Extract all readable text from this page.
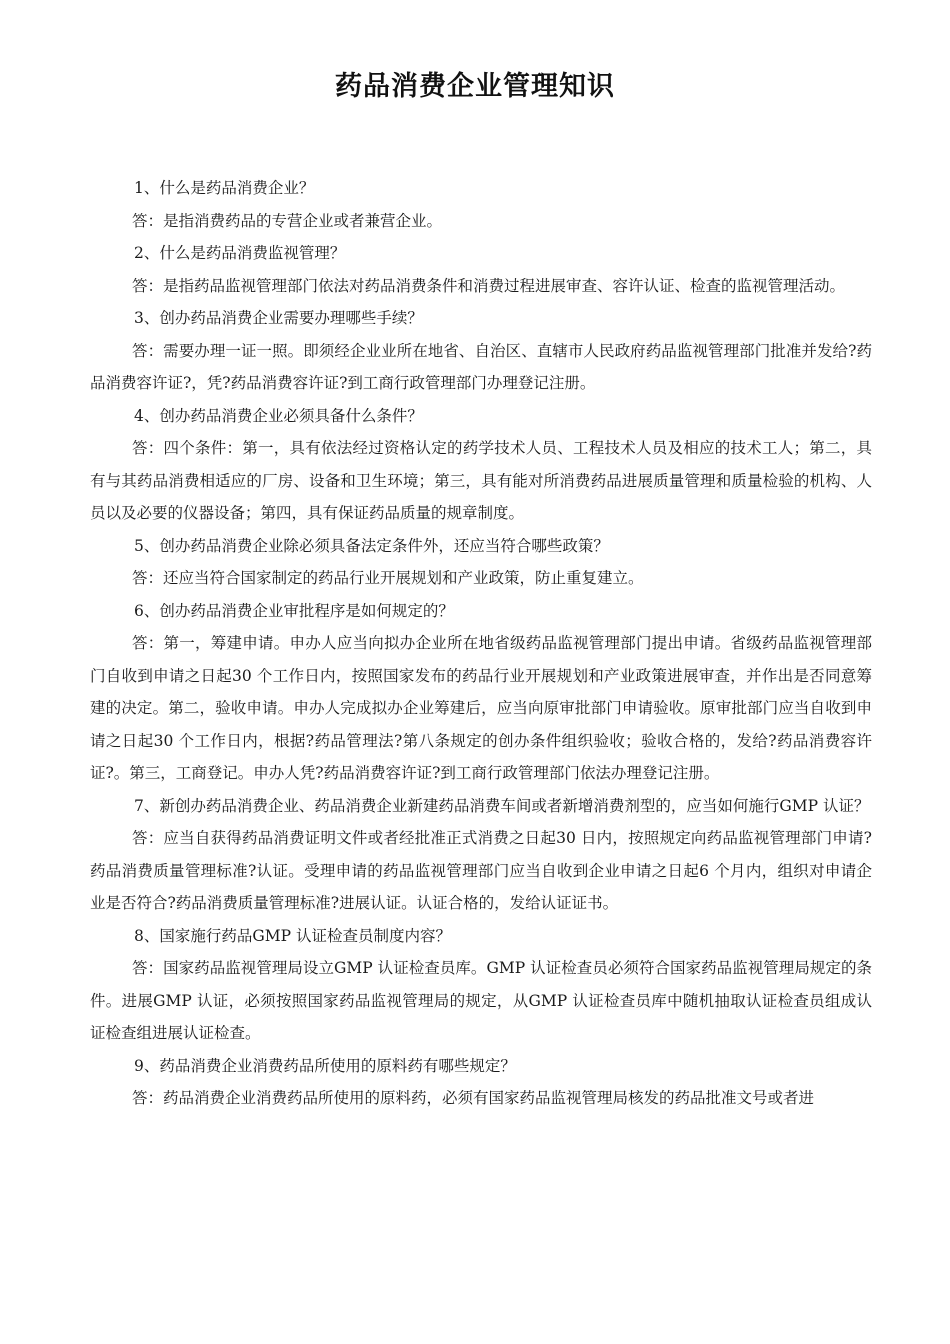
药品消费企业管理知识

1、什么是药品消费企业？

答：是指消费药品的专营企业或者兼营企业。

2、什么是药品消费监视管理？

答：是指药品监视管理部门依法对药品消费条件和消费过程进展审查、容许认证、检查的监视管理活动。

3、创办药品消费企业需要办理哪些手续？

答：需要办理一证一照。即须经企业业所在地省、自治区、直辖市人民政府药品监视管理部门批准并发给?药品消费容许证?，凭?药品消费容许证?到工商行政管理部门办理登记注册。

4、创办药品消费企业必须具备什么条件？

答：四个条件：第一，具有依法经过资格认定的药学技术人员、工程技术人员及相应的技术工人；第二，具有与其药品消费相适应的厂房、设备和卫生环境；第三，具有能对所消费药品进展质量管理和质量检验的机构、人员以及必要的仪器设备；第四，具有保证药品质量的规章制度。

5、创办药品消费企业除必须具备法定条件外，还应当符合哪些政策？

答：还应当符合国家制定的药品行业开展规划和产业政策，防止重复建立。

6、创办药品消费企业审批程序是如何规定的？

答：第一，筹建申请。申办人应当向拟办企业所在地省级药品监视管理部门提出申请。省级药品监视管理部门自收到申请之日起30 个工作日内，按照国家发布的药品行业开展规划和产业政策进展审查，并作出是否同意筹建的决定。第二，验收申请。申办人完成拟办企业筹建后，应当向原审批部门申请验收。原审批部门应当自收到申请之日起30 个工作日内，根据?药品管理法?第八条规定的创办条件组织验收；验收合格的，发给?药品消费容许证?。第三，工商登记。申办人凭?药品消费容许证?到工商行政管理部门依法办理登记注册。

7、新创办药品消费企业、药品消费企业新建药品消费车间或者新增消费剂型的，应当如何施行GMP 认证？

答：应当自获得药品消费证明文件或者经批准正式消费之日起30 日内，按照规定向药品监视管理部门申请?药品消费质量管理标准?认证。受理申请的药品监视管理部门应当自收到企业申请之日起6 个月内，组织对申请企业是否符合?药品消费质量管理标准?进展认证。认证合格的，发给认证证书。

8、国家施行药品GMP 认证检查员制度内容？

答：国家药品监视管理局设立GMP 认证检查员库。GMP 认证检查员必须符合国家药品监视管理局规定的条件。进展GMP 认证，必须按照国家药品监视管理局的规定，从GMP 认证检查员库中随机抽取认证检查员组成认证检查组进展认证检查。

9、药品消费企业消费药品所使用的原料药有哪些规定？

答：药品消费企业消费药品所使用的原料药，必须有国家药品监视管理局核发的药品批准文号或者进
